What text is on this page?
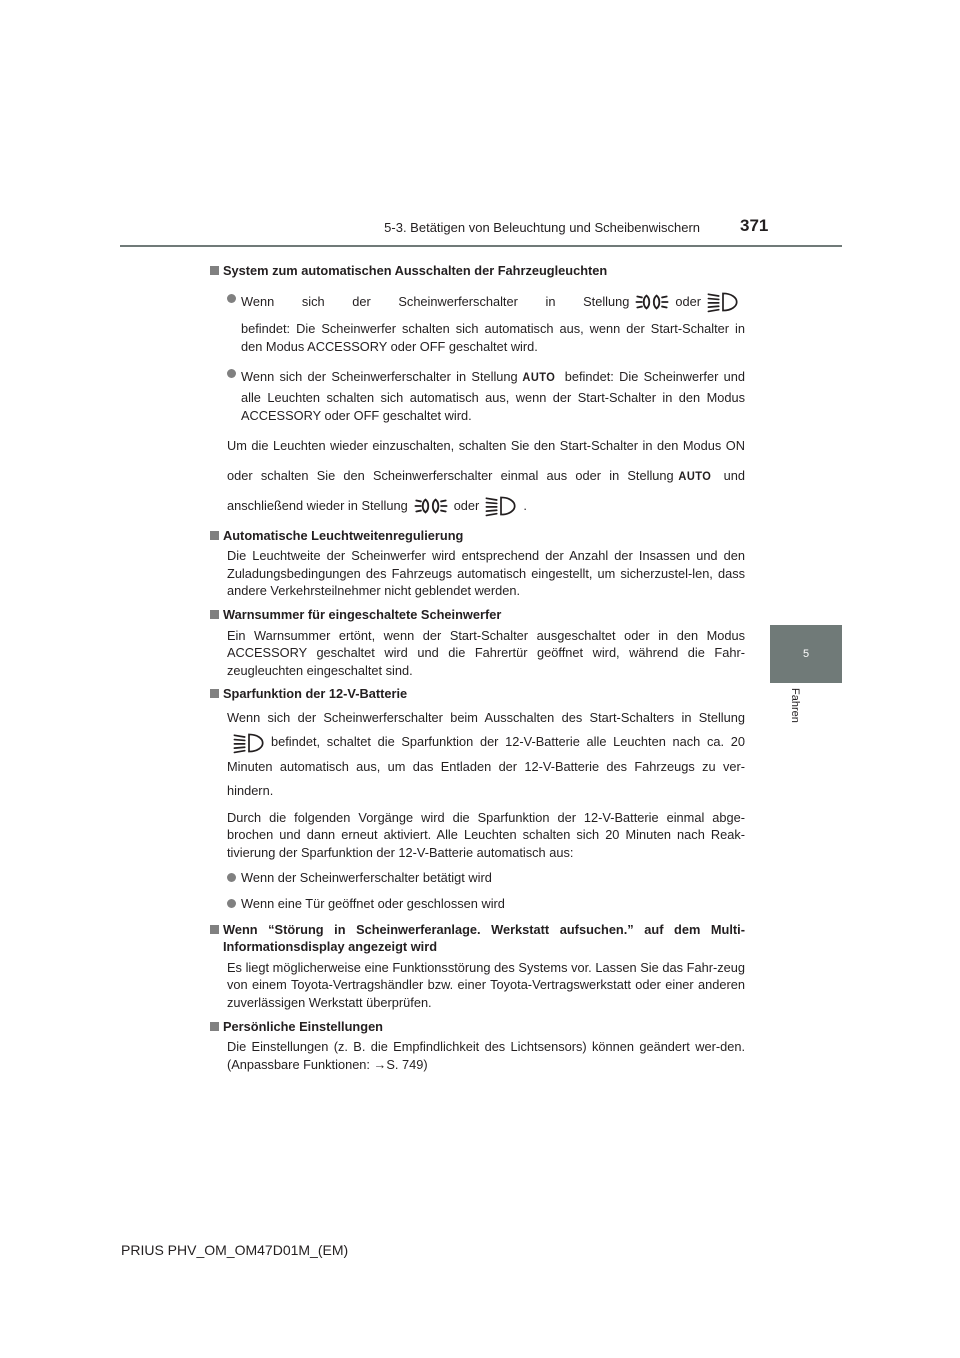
5-3. Betätigen von Beleuchtung und Scheibenwischern 371
5
Fahren
System zum automatischen Ausschalten der Fahrzeugleuchten
Wenn sich der Scheinwerferschalter in Stellung	oder
befindet: Die Scheinwerfer schalten sich automatisch aus, wenn der Start-Schalter in den Modus ACCESSORY oder OFF geschaltet wird.
Wenn sich der Scheinwerferschalter in Stellung AUTO befindet: Die Scheinwerfer und alle Leuchten schalten sich automatisch aus, wenn der Start-Schalter in den Modus ACCESSORY oder OFF geschaltet wird.
Um die Leuchten wieder einzuschalten, schalten Sie den Start-Schalter in den Modus ON oder schalten Sie den Scheinwerferschalter einmal aus oder in Stellung AUTO und anschließend wieder in Stellung	oder	.
Automatische Leuchtweitenregulierung
Die Leuchtweite der Scheinwerfer wird entsprechend der Anzahl der Insassen und den Zuladungsbedingungen des Fahrzeugs automatisch eingestellt, um sicherzustel-len, dass andere Verkehrsteilnehmer nicht geblendet werden.
Warnsummer für eingeschaltete Scheinwerfer
Ein Warnsummer ertönt, wenn der Start-Schalter ausgeschaltet oder in den Modus ACCESSORY geschaltet wird und die Fahrertür geöffnet wird, während die Fahr-zeugleuchten eingeschaltet sind.
Sparfunktion der 12-V-Batterie
Wenn sich der Scheinwerferschalter beim Ausschalten des Start-Schalters in Stellung befindet, schaltet die Sparfunktion der 12-V-Batterie alle Leuchten nach ca. 20 Minuten automatisch aus, um das Entladen der 12-V-Batterie des Fahrzeugs zu ver-hindern.
Durch die folgenden Vorgänge wird die Sparfunktion der 12-V-Batterie einmal abge-brochen und dann erneut aktiviert. Alle Leuchten schalten sich 20 Minuten nach Reak-tivierung der Sparfunktion der 12-V-Batterie automatisch aus:
Wenn der Scheinwerferschalter betätigt wird
Wenn eine Tür geöffnet oder geschlossen wird
Wenn “Störung in Scheinwerferanlage. Werkstatt aufsuchen.” auf dem Multi-Informationsdisplay angezeigt wird
Es liegt möglicherweise eine Funktionsstörung des Systems vor. Lassen Sie das Fahr-zeug von einem Toyota-Vertragshändler bzw. einer Toyota-Vertragswerkstatt oder einer anderen zuverlässigen Werkstatt überprüfen.
Persönliche Einstellungen
Die Einstellungen (z. B. die Empfindlichkeit des Lichtsensors) können geändert wer-den. (Anpassbare Funktionen: →S. 749)
PRIUS PHV_OM_OM47D01M_(EM)
